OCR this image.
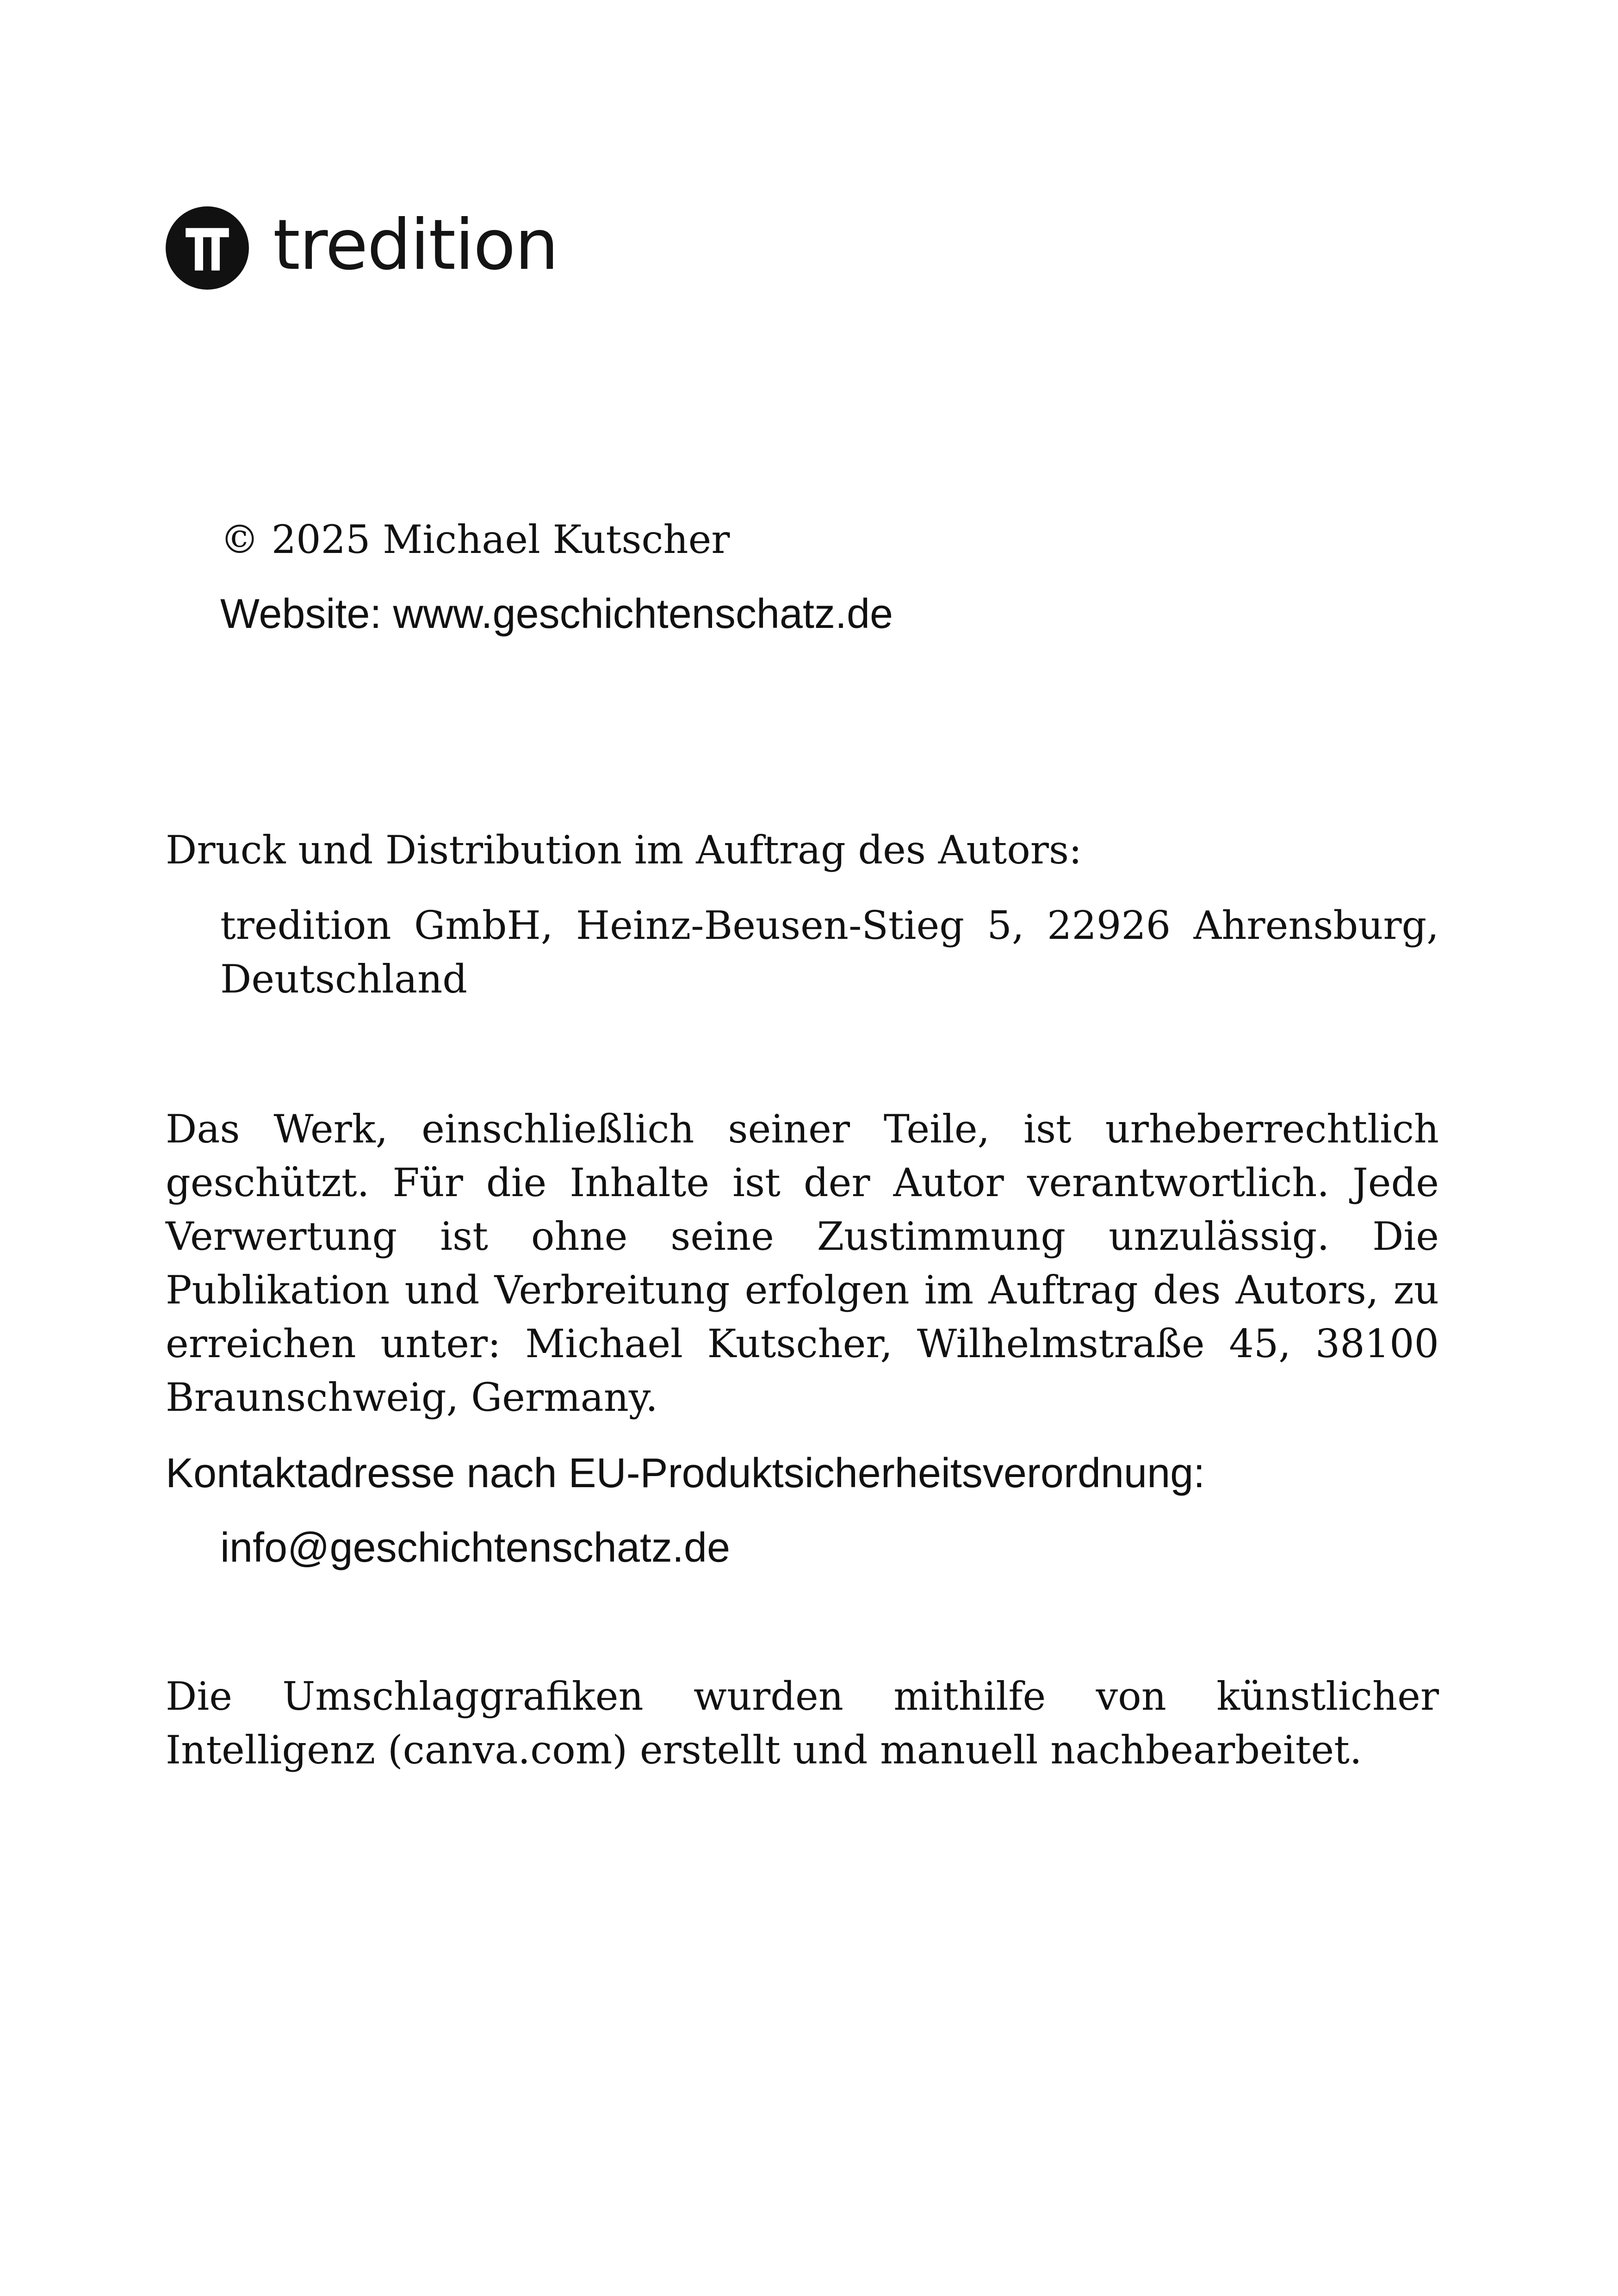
tredition

© 2025 Michael Kutscher

Website: www.geschichtenschatz.de

Druck und Distribution im Auftrag des Autors:

tredition GmbH, Heinz-Beusen-Stieg 5, 22926 Ahrensburg, Deutschland

Das Werk, einschließlich seiner Teile, ist urheberrechtlich geschützt. Für die Inhalte ist der Autor verantwortlich. Jede Verwertung ist ohne seine Zustimmung unzulässig. Die Publikation und Verbreitung erfolgen im Auftrag des Autors, zu erreichen unter: Michael Kutscher, Wilhelmstraße 45, 38100 Braunschweig, Germany.

Kontaktadresse nach EU-Produktsicherheitsverordnung:

info@geschichtenschatz.de

Die Umschlaggrafiken wurden mithilfe von künstlicher Intelligenz (canva.com) erstellt und manuell nachbearbeitet.
